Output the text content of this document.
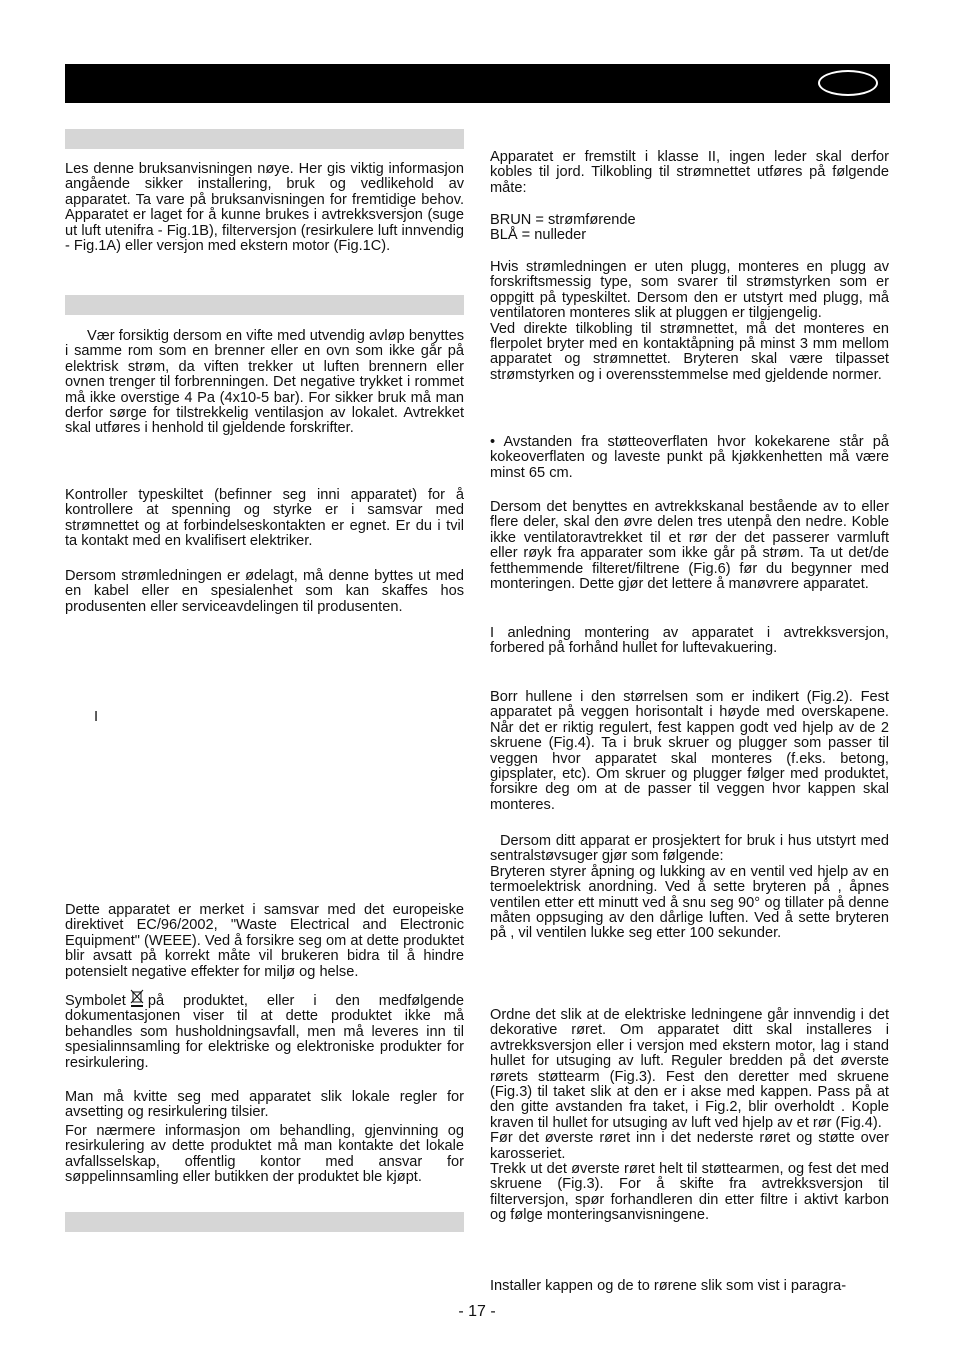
Les denne bruksanvisningen nøye. Her gis viktig informasjon angående sikker installering, bruk og vedlikehold av apparatet. Ta vare på bruksanvisningen for fremtidige behov. Apparatet er laget for å kunne brukes i avtrekksversjon (suge ut luft utenifra - Fig.1B), filterversjon (resirkulere luft innvendig - Fig.1A) eller versjon med ekstern motor (Fig.1C).

Vær forsiktig dersom en vifte med utvendig avløp benyttes i samme rom som en brenner eller en ovn som ikke går på elektrisk strøm, da viften trekker ut luften brennern eller ovnen trenger til forbrenningen. Det negative trykket i rommet må ikke overstige 4 Pa (4x10-5 bar). For sikker bruk må man derfor sørge for tilstrekkelig ventilasjon av lokalet. Avtrekket skal utføres i henhold til gjeldende forskrifter.

Kontroller typeskiltet (befinner seg inni apparatet) for å kontrollere at spenning og styrke er i samsvar med strømnettet og at forbindelseskontakten er egnet. Er du i tvil ta kontakt med en kvalifisert elektriker.

Dersom strømledningen er ødelagt, må denne byttes ut med en kabel eller en spesialenhet som kan skaffes hos produsenten eller serviceavdelingen til produsenten.

I

Dette apparatet er merket i samsvar med det europeiske direktivet EC/96/2002, "Waste Electrical and Electronic Equipment" (WEEE). Ved å forsikre seg om at dette produktet blir avsatt på korrekt måte vil brukeren bidra til å hindre potensielt negative effekter for miljø og helse.

Symbolet på produktet, eller i den medfølgende dokumentasjonen viser til at dette produktet ikke må behandles som husholdningsavfall, men må leveres inn til spesialinnsamling for elektriske og elektroniske produkter for resirkulering.

Man må kvitte seg med apparatet slik lokale regler for avsetting og resirkulering tilsier.

For nærmere informasjon om behandling, gjenvinning og resirkulering av dette produktet må man kontakte det lokale avfallsselskap, offentlig kontor med ansvar for søppelinnsamling eller butikken der produktet ble kjøpt.

Apparatet er fremstilt i klasse II, ingen leder skal derfor kobles til jord. Tilkobling til strømnettet utføres på følgende måte:

BRUN = strømførende
BLÅ = nulleder

Hvis strømledningen er uten plugg, monteres en plugg av forskriftsmessig type, som svarer til strømstyrken som er oppgitt på typeskiltet. Dersom den er utstyrt med plugg, må ventilatoren monteres slik at pluggen er tilgjengelig.

Ved direkte tilkobling til strømnettet, må det monteres en flerpolet bryter med en kontaktåpning på minst 3 mm mellom apparatet og strømnettet. Bryteren skal være tilpasset strømstyrken og i overensstemmelse med gjeldende normer.

• Avstanden fra støtteoverflaten hvor kokekarene står på kokeoverflaten og laveste punkt på kjøkkenhetten må være minst 65 cm.

Dersom det benyttes en avtrekkskanal bestående av to eller flere deler, skal den øvre delen tres utenpå den nedre. Koble ikke ventilatoravtrekket til et rør der det passerer varmluft eller røyk fra apparater som ikke går på strøm. Ta ut det/de fetthemmende filteret/filtrene (Fig.6) før du begynner med monteringen. Dette gjør det lettere å manøvrere apparatet.

I anledning montering av apparatet i avtrekksversjon, forbered på forhånd hullet for luftevakuering.

Borr hullene i den størrelsen som er indikert (Fig.2). Fest apparatet på veggen horisontalt i høyde med overskapene. Når det er riktig regulert, fest kappen godt ved hjelp av de 2 skruene (Fig.4). Ta i bruk skruer og plugger som passer til veggen hvor apparatet skal monteres (f.eks. betong, gipsplater, etc). Om skruer og plugger følger med produktet, forsikre deg om at de passer til veggen hvor kappen skal monteres.

Dersom ditt apparat er prosjektert for bruk i hus utstyrt med sentralstøvsuger gjør som følgende:

Bryteren styrer åpning og lukking av en ventil ved hjelp av en termoelektrisk anordning. Ved å sette bryteren på , åpnes ventilen etter ett minutt ved å snu seg 90° og tillater på denne måten oppsuging av den dårlige luften. Ved å sette bryteren på , vil ventilen lukke seg etter 100 sekunder.

Ordne det slik at de elektriske ledningene går innvendig i det dekorative røret. Om apparatet ditt skal installeres i avtrekksversjon eller i versjon med ekstern motor, lag i stand hullet for utsuging av luft. Reguler bredden på det øverste rørets støttearm (Fig.3). Fest den deretter med skruene (Fig.3) til taket slik at den er i akse med kappen. Pass på at den gitte avstanden fra taket, i Fig.2, blir overholdt . Kople kraven til hullet for utsuging av luft ved hjelp av et rør (Fig.4).

Før det øverste røret inn i det nederste røret og støtte over karosseriet.

Trekk ut det øverste røret helt til støttearmen, og fest det med skruene (Fig.3). For å skifte fra avtrekksversjon til filterversjon, spør forhandleren din etter filtre i aktivt karbon og følge monteringsanvisningene.

Installer kappen og de to rørene slik som vist i paragra-

- 17 -
